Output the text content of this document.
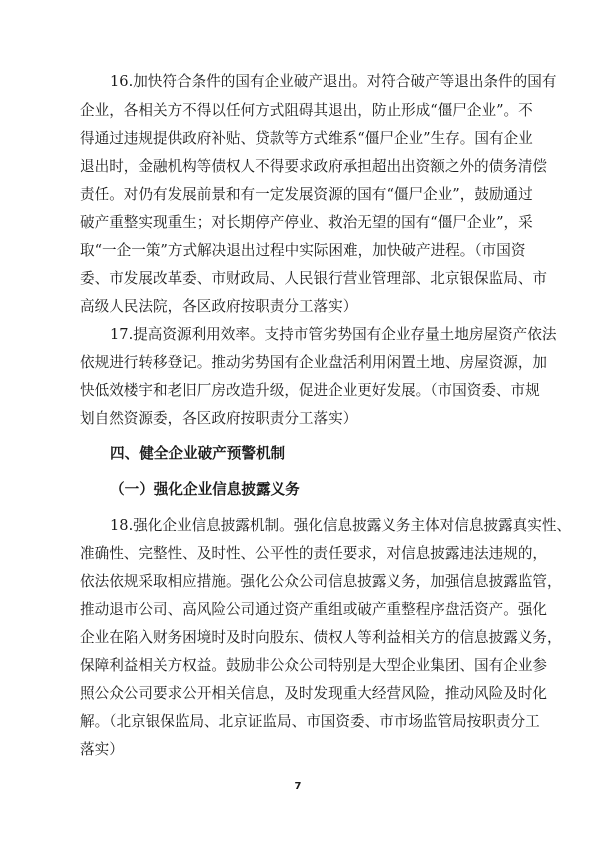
16.加快符合条件的国有企业破产退出。对符合破产等退出条件的国有

企业，各相关方不得以任何方式阻碍其退出，防止形成“僵尸企业”。不

得通过违规提供政府补贴、贷款等方式维系“僵尸企业”生存。国有企业

退出时，金融机构等债权人不得要求政府承担超出出资额之外的债务清偿

责任。对仍有发展前景和有一定发展资源的国有“僵尸企业”，鼓励通过

破产重整实现重生；对长期停产停业、救治无望的国有“僵尸企业”，采

取“一企一策”方式解决退出过程中实际困难，加快破产进程。（市国资

委、市发展改革委、市财政局、人民银行营业管理部、北京银保监局、市

高级人民法院，各区政府按职责分工落实）

17.提高资源利用效率。支持市管劣势国有企业存量土地房屋资产依法

依规进行转移登记。推动劣势国有企业盘活利用闲置土地、房屋资源，加

快低效楼宇和老旧厂房改造升级，促进企业更好发展。（市国资委、市规

划自然资源委，各区政府按职责分工落实）

四、健全企业破产预警机制

（一）强化企业信息披露义务

18.强化企业信息披露机制。强化信息披露义务主体对信息披露真实性、

准确性、完整性、及时性、公平性的责任要求，对信息披露违法违规的，

依法依规采取相应措施。强化公众公司信息披露义务，加强信息披露监管，

推动退市公司、高风险公司通过资产重组或破产重整程序盘活资产。强化

企业在陷入财务困境时及时向股东、债权人等利益相关方的信息披露义务，

保障利益相关方权益。鼓励非公众公司特别是大型企业集团、国有企业参

照公众公司要求公开相关信息，及时发现重大经营风险，推动风险及时化

解。（北京银保监局、北京证监局、市国资委、市市场监管局按职责分工

落实）

7
